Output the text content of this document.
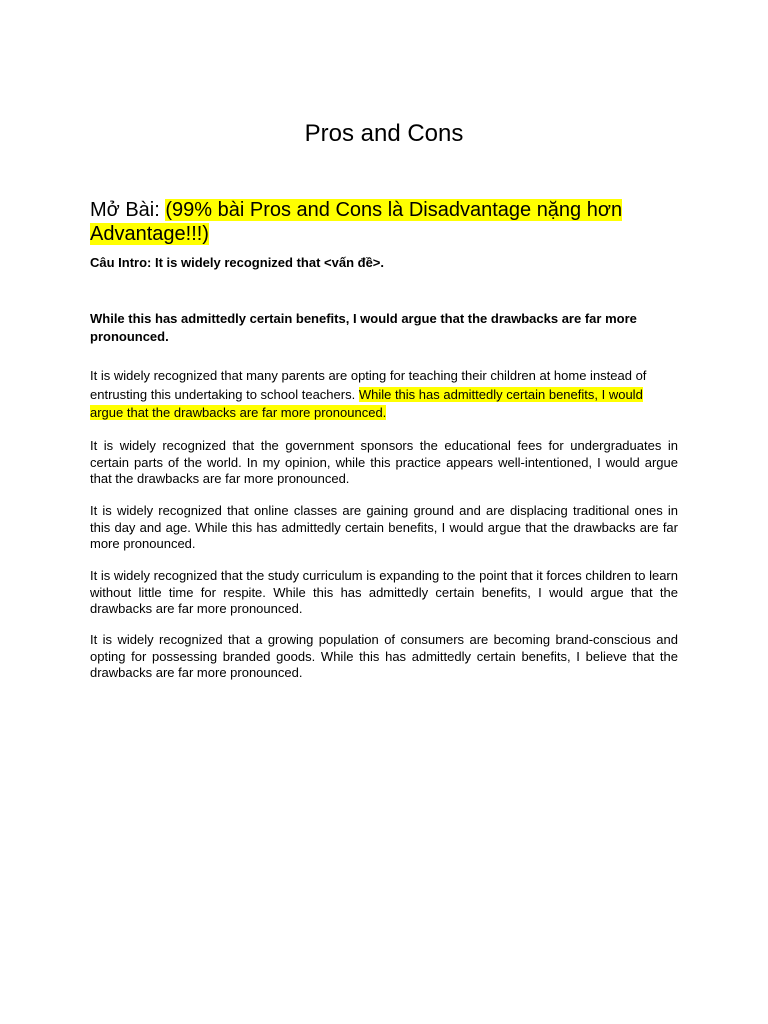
Pros and Cons
Mở Bài: (99% bài Pros and Cons là Disadvantage nặng hơn Advantage!!!)
Câu Intro: It is widely recognized that <vấn đề>.
While this has admittedly certain benefits, I would argue that the drawbacks are far more pronounced.
It is widely recognized that many parents are opting for teaching their children at home instead of entrusting this undertaking to school teachers. While this has admittedly certain benefits, I would argue that the drawbacks are far more pronounced.
It is widely recognized that the government sponsors the educational fees for undergraduates in certain parts of the world. In my opinion, while this practice appears well-intentioned, I would argue that the drawbacks are far more pronounced.
It is widely recognized that online classes are gaining ground and are displacing traditional ones in this day and age. While this has admittedly certain benefits, I would argue that the drawbacks are far more pronounced.
It is widely recognized that the study curriculum is expanding to the point that it forces children to learn without little time for respite. While this has admittedly certain benefits, I would argue that the drawbacks are far more pronounced.
It is widely recognized that a growing population of consumers are becoming brand-conscious and opting for possessing branded goods. While this has admittedly certain benefits, I believe that the drawbacks are far more pronounced.
